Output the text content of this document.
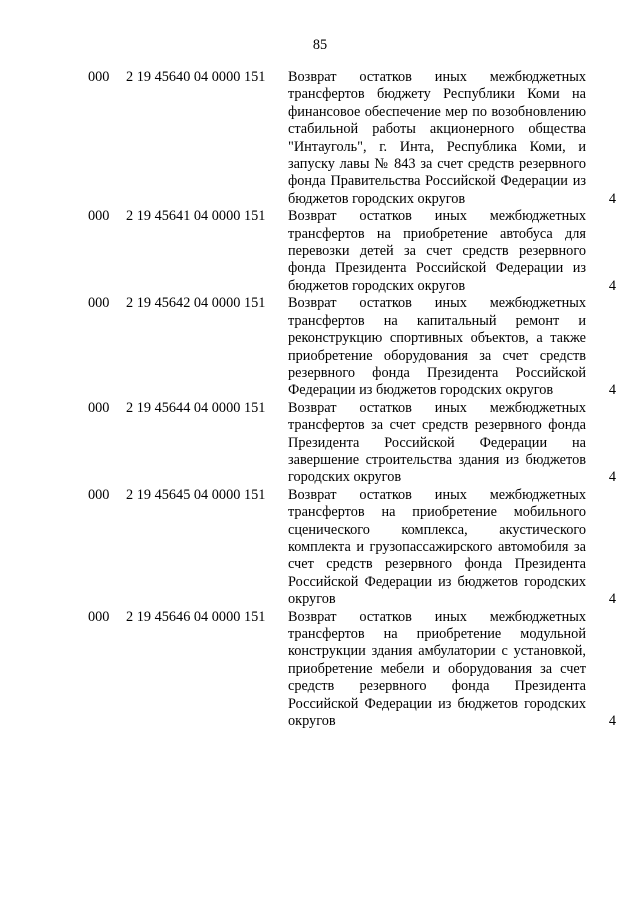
85
000 2 19 45640 04 0000 151 Возврат остатков иных межбюджетных трансфертов бюджету Республики Коми на финансовое обеспечение мер по возобновлению стабильной работы акционерного общества "Интауголь", г. Инта, Республика Коми, и запуску лавы № 843 за счет средств резервного фонда Правительства Российской Федерации из бюджетов городских округов	4
000 2 19 45641 04 0000 151 Возврат остатков иных межбюджетных трансфертов на приобретение автобуса для перевозки детей за счет средств резервного фонда Президента Российской Федерации из бюджетов городских округов	4
000 2 19 45642 04 0000 151 Возврат остатков иных межбюджетных трансфертов на капитальный ремонт и реконструкцию спортивных объектов, а также приобретение оборудования за счет средств резервного фонда Президента Российской Федерации из бюджетов городских округов	4
000 2 19 45644 04 0000 151 Возврат остатков иных межбюджетных трансфертов за счет средств резервного фонда Президента Российской Федерации на завершение строительства здания из бюджетов городских округов	4
000 2 19 45645 04 0000 151 Возврат остатков иных межбюджетных трансфертов на приобретение мобильного сценического комплекса, акустического комплекта и грузопассажирского автомобиля за счет средств резервного фонда Президента Российской Федерации из бюджетов городских округов	4
000 2 19 45646 04 0000 151 Возврат остатков иных межбюджетных трансфертов на приобретение модульной конструкции здания амбулатории с установкой, приобретение мебели и оборудования за счет средств резервного фонда Президента Российской Федерации из бюджетов городских округов	4
